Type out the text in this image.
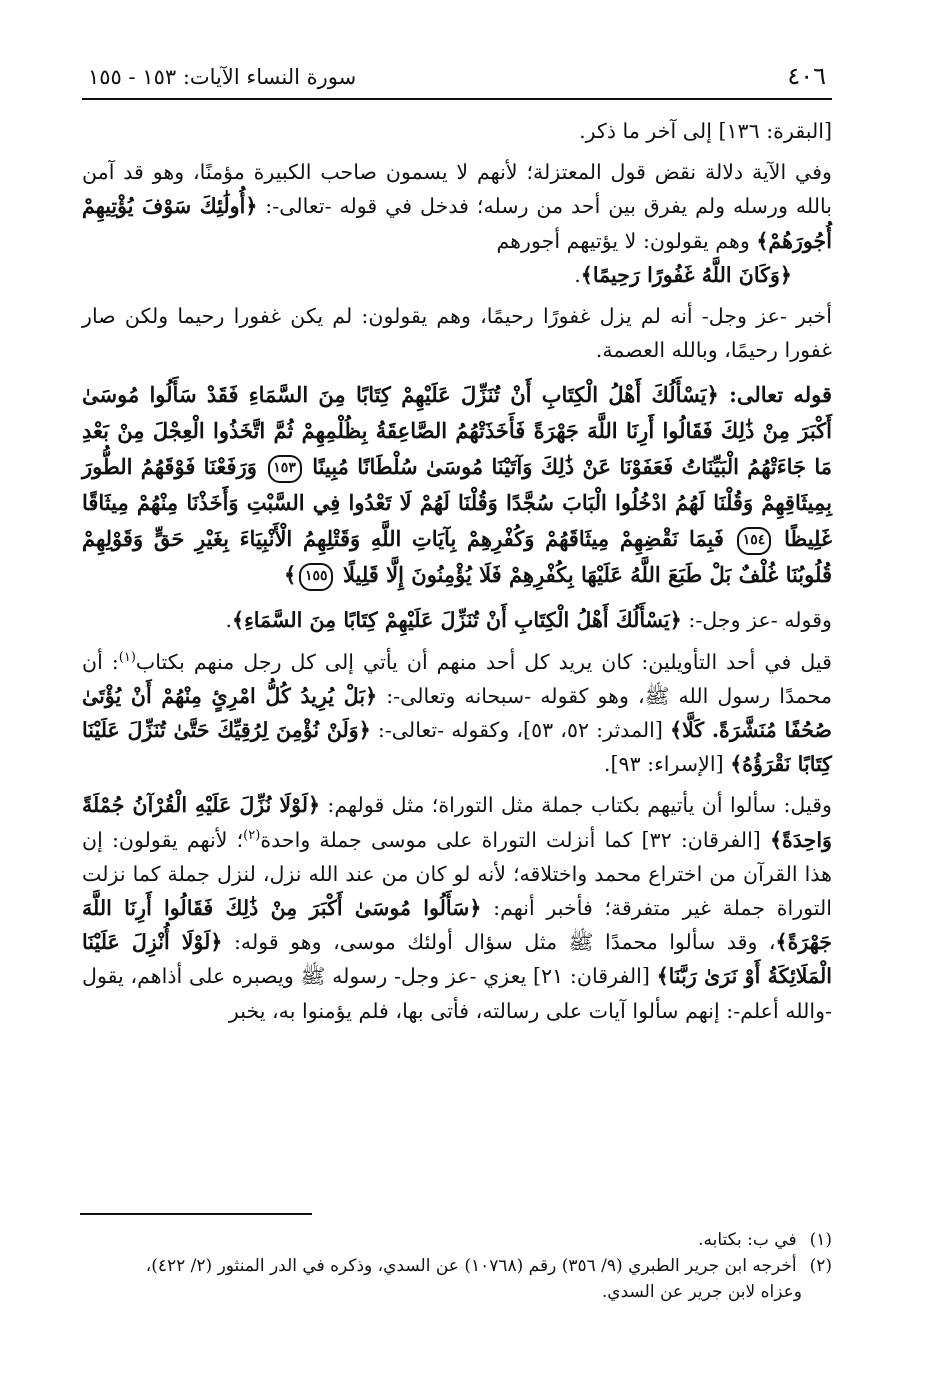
٤٠٦
سورة النساء الآيات: ١٥٣ - ١٥٥

[البقرة: ١٣٦] إلى آخر ما ذكر.

وفي الآية دلالة نقض قول المعتزلة؛ لأنهم لا يسمون صاحب الكبيرة مؤمنًا، وهو قد آمن بالله ورسله ولم يفرق بين أحد من رسله؛ فدخل في قوله -تعالى-: ﴿أُولَٰئِكَ سَوْفَ يُؤْتِيهِمْ أُجُورَهُمْ﴾ وهم يقولون: لا يؤتيهم أجورهم
﴿وَكَانَ اللَّهُ غَفُورًا رَحِيمًا﴾.

أخبر -عز وجل- أنه لم يزل غفورًا رحيمًا، وهم يقولون: لم يكن غفورا رحيما ولكن صار غفورا رحيمًا، وبالله العصمة.

قوله تعالى: ﴿يَسْأَلُكَ أَهْلُ الْكِتَابِ أَنْ تُنَزِّلَ عَلَيْهِمْ كِتَابًا مِنَ السَّمَاءِ فَقَدْ سَأَلُوا مُوسَىٰ أَكْبَرَ مِنْ ذَٰلِكَ فَقَالُوا أَرِنَا اللَّهَ جَهْرَةً فَأَخَذَتْهُمُ الصَّاعِقَةُ بِظُلْمِهِمْ ثُمَّ اتَّخَذُوا الْعِجْلَ مِنْ بَعْدِ مَا جَاءَتْهُمُ الْبَيِّنَاتُ فَعَفَوْنَا عَنْ ذَٰلِكَ وَآتَيْنَا مُوسَىٰ سُلْطَانًا مُبِينًا ١٥٣ وَرَفَعْنَا فَوْقَهُمُ الطُّورَ بِمِيثَاقِهِمْ وَقُلْنَا لَهُمُ ادْخُلُوا الْبَابَ سُجَّدًا وَقُلْنَا لَهُمْ لَا تَعْدُوا فِي السَّبْتِ وَأَخَذْنَا مِنْهُمْ مِيثَاقًا غَلِيظًا ١٥٤ فَبِمَا نَقْضِهِمْ مِيثَاقَهُمْ وَكُفْرِهِمْ بِآيَاتِ اللَّهِ وَقَتْلِهِمُ الْأَنْبِيَاءَ بِغَيْرِ حَقٍّ وَقَوْلِهِمْ قُلُوبُنَا غُلْفٌ بَلْ طَبَعَ اللَّهُ عَلَيْهَا بِكُفْرِهِمْ فَلَا يُؤْمِنُونَ إِلَّا قَلِيلًا ١٥٥﴾

وقوله -عز وجل-: ﴿يَسْأَلُكَ أَهْلُ الْكِتَابِ أَنْ تُنَزِّلَ عَلَيْهِمْ كِتَابًا مِنَ السَّمَاءِ﴾.

قيل في أحد التأويلين: كان يريد كل أحد منهم أن يأتي إلى كل رجل منهم بكتاب$^{(١)}$: أن محمدًا رسول الله ﷺ، وهو كقوله -سبحانه وتعالى-: ﴿بَلْ يُرِيدُ كُلُّ امْرِئٍ مِنْهُمْ أَنْ يُؤْتَىٰ صُحُفًا مُنَشَّرَةً. كَلَّا﴾ [المدثر: ٥٢، ٥٣]، وكقوله -تعالى-: ﴿وَلَنْ نُؤْمِنَ لِرُقِيِّكَ حَتَّىٰ تُنَزِّلَ عَلَيْنَا كِتَابًا نَقْرَؤُهُ﴾ [الإسراء: ٩٣].

وقيل: سألوا أن يأتيهم بكتاب جملة مثل التوراة؛ مثل قولهم: ﴿لَوْلَا نُزِّلَ عَلَيْهِ الْقُرْآنُ جُمْلَةً وَاحِدَةً﴾ [الفرقان: ٣٢] كما أنزلت التوراة على موسى جملة واحدة$^{(٢)}$؛ لأنهم يقولون: إن هذا القرآن من اختراع محمد واختلاقه؛ لأنه لو كان من عند الله نزل، لنزل جملة كما نزلت التوراة جملة غير متفرقة؛ فأخبر أنهم: ﴿سَأَلُوا مُوسَىٰ أَكْبَرَ مِنْ ذَٰلِكَ فَقَالُوا أَرِنَا اللَّهَ جَهْرَةً﴾، وقد سألوا محمدًا ﷺ مثل سؤال أولئك موسى، وهو قوله: ﴿لَوْلَا أُنْزِلَ عَلَيْنَا الْمَلَائِكَةُ أَوْ نَرَىٰ رَبَّنَا﴾ [الفرقان: ٢١] يعزي -عز وجل- رسوله ﷺ ويصبره على أذاهم، يقول -والله أعلم-: إنهم سألوا آيات على رسالته، فأتى بها، فلم يؤمنوا به، يخبر

(١) في ب: بكتابه.

(٢) أخرجه ابن جرير الطبري (٩/ ٣٥٦) رقم (١٠٧٦٨) عن السدي، وذكره في الدر المنثور (٢/ ٤٢٢)،

وعزاه لابن جرير عن السدي.
